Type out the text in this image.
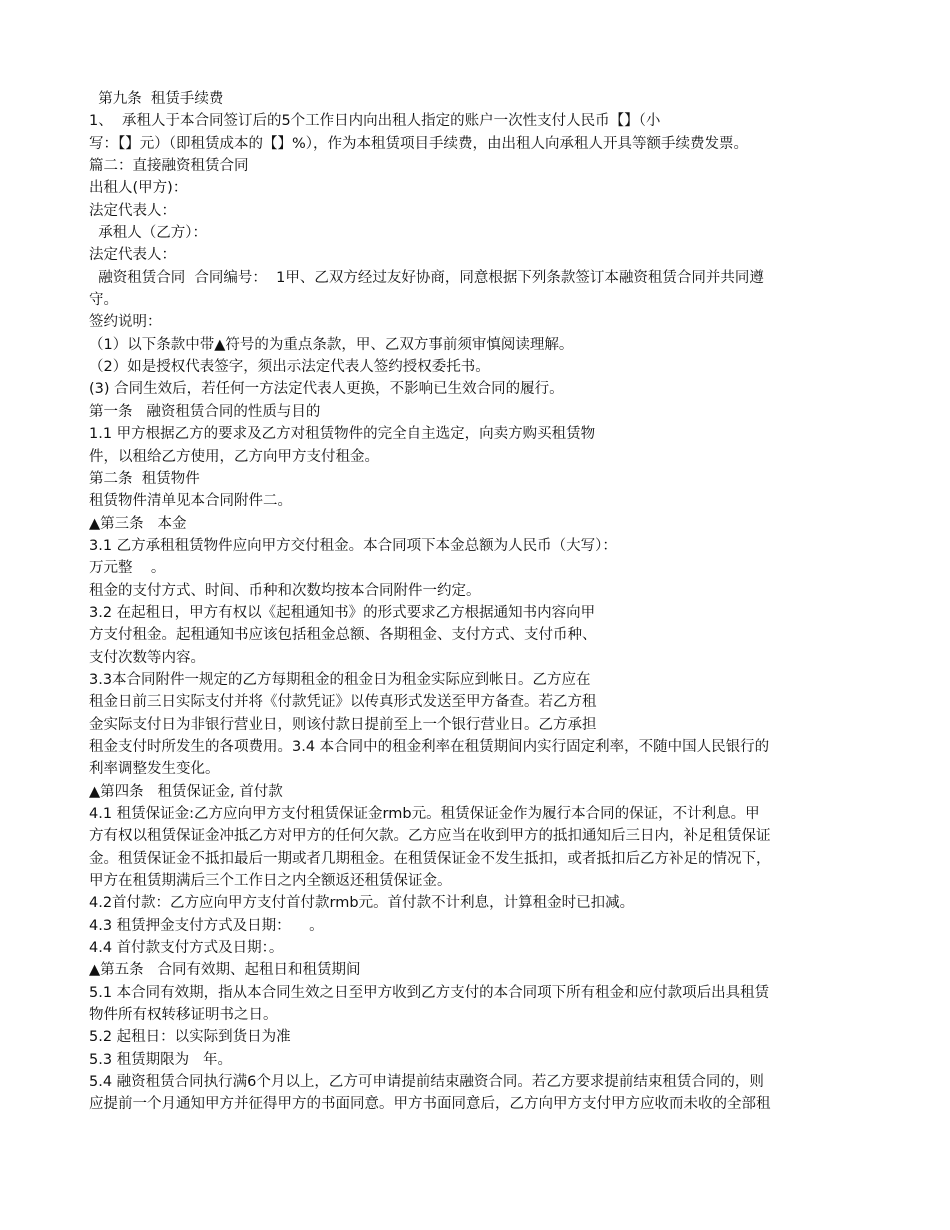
第九条  租赁手续费
1、  承租人于本合同签订后的5个工作日内向出租人指定的账户一次性支付人民币【】（小
写：【】元）（即租赁成本的【】%），作为本租赁项目手续费，由出租人向承租人开具等额手续费发票。
篇二：直接融资租赁合同
出租人(甲方)：
法定代表人：
承租人（乙方）：
法定代表人：
融资租赁合同  合同编号：  1甲、乙双方经过友好协商，同意根据下列条款签订本融资租赁合同并共同遵
守。
签约说明：
（1）以下条款中带▲符号的为重点条款，甲、乙双方事前须审慎阅读理解。
（2）如是授权代表签字，须出示法定代表人签约授权委托书。
(3) 合同生效后，若任何一方法定代表人更换，不影响已生效合同的履行。
第一条   融资租赁合同的性质与目的
1.1 甲方根据乙方的要求及乙方对租赁物件的完全自主选定，向卖方购买租赁物
件，以租给乙方使用，乙方向甲方支付租金。
第二条  租赁物件
租赁物件清单见本合同附件二。
▲第三条   本金
3.1 乙方承租租赁物件应向甲方交付租金。本合同项下本金总额为人民币（大写）：
万元整    。
租金的支付方式、时间、币种和次数均按本合同附件一约定。
3.2 在起租日，甲方有权以《起租通知书》的形式要求乙方根据通知书内容向甲
方支付租金。起租通知书应该包括租金总额、各期租金、支付方式、支付币种、
支付次数等内容。
3.3本合同附件一规定的乙方每期租金的租金日为租金实际应到帐日。乙方应在
租金日前三日实际支付并将《付款凭证》以传真形式发送至甲方备查。若乙方租
金实际支付日为非银行营业日，则该付款日提前至上一个银行营业日。乙方承担
租金支付时所发生的各项费用。3.4 本合同中的租金利率在租赁期间内实行固定利率，不随中国人民银行的
利率调整发生变化。
▲第四条   租赁保证金, 首付款
4.1 租赁保证金:乙方应向甲方支付租赁保证金rmb元。租赁保证金作为履行本合同的保证，不计利息。甲
方有权以租赁保证金冲抵乙方对甲方的任何欠款。乙方应当在收到甲方的抵扣通知后三日内，补足租赁保证
金。租赁保证金不抵扣最后一期或者几期租金。在租赁保证金不发生抵扣，或者抵扣后乙方补足的情况下，
甲方在租赁期满后三个工作日之内全额返还租赁保证金。
4.2首付款：乙方应向甲方支付首付款rmb元。首付款不计利息，计算租金时已扣减。
4.3 租赁押金支付方式及日期：    。
4.4 首付款支付方式及日期：。
▲第五条   合同有效期、起租日和租赁期间
5.1 本合同有效期，指从本合同生效之日至甲方收到乙方支付的本合同项下所有租金和应付款项后出具租赁
物件所有权转移证明书之日。
5.2 起租日：以实际到货日为准
5.3 租赁期限为   年。
5.4 融资租赁合同执行满6个月以上，乙方可申请提前结束融资合同。若乙方要求提前结束租赁合同的，则
应提前一个月通知甲方并征得甲方的书面同意。甲方书面同意后，乙方向甲方支付甲方应收而未收的全部租
